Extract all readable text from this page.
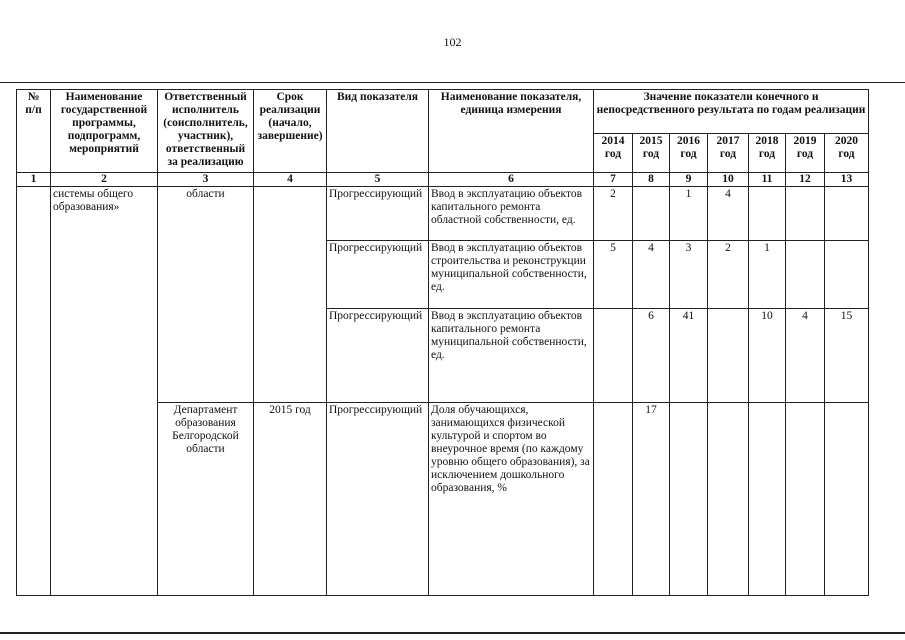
102
№
п/п	Наименование государственной программы, подпрограмм, мероприятий	Ответственный исполнитель (соисполнитель, участник), ответственный за реализацию	Срок реализации (начало, завершение)	Вид показателя	Наименование показателя, единица измерения	Значение показатели конечного и непосредственного результата по годам реализации						
						2014 год	2015 год	2016 год	2017 год	2018 год	2019 год	2020 год
1	2	3	4	5	6	7	8	9	10	11	12	13
	системы общего образования»	области		Прогрессирующий	Ввод в эксплуатацию объектов капитального ремонта областной собственности, ед.	2		1	4			
				Прогрессирующий	Ввод в эксплуатацию объектов строительства и реконструкции муниципальной собственности, ед.	5	4	3	2	1		
				Прогрессирующий	Ввод в эксплуатацию объектов капитального ремонта муниципальной собственности, ед.		6	41		10	4	15
		Департамент образования Белгородской области	2015 год	Прогрессирующий	Доля обучающихся, занимающихся физической культурой и спортом во внеурочное время (по каждому уровню общего образования), за исключением дошкольного образования, %		17					
